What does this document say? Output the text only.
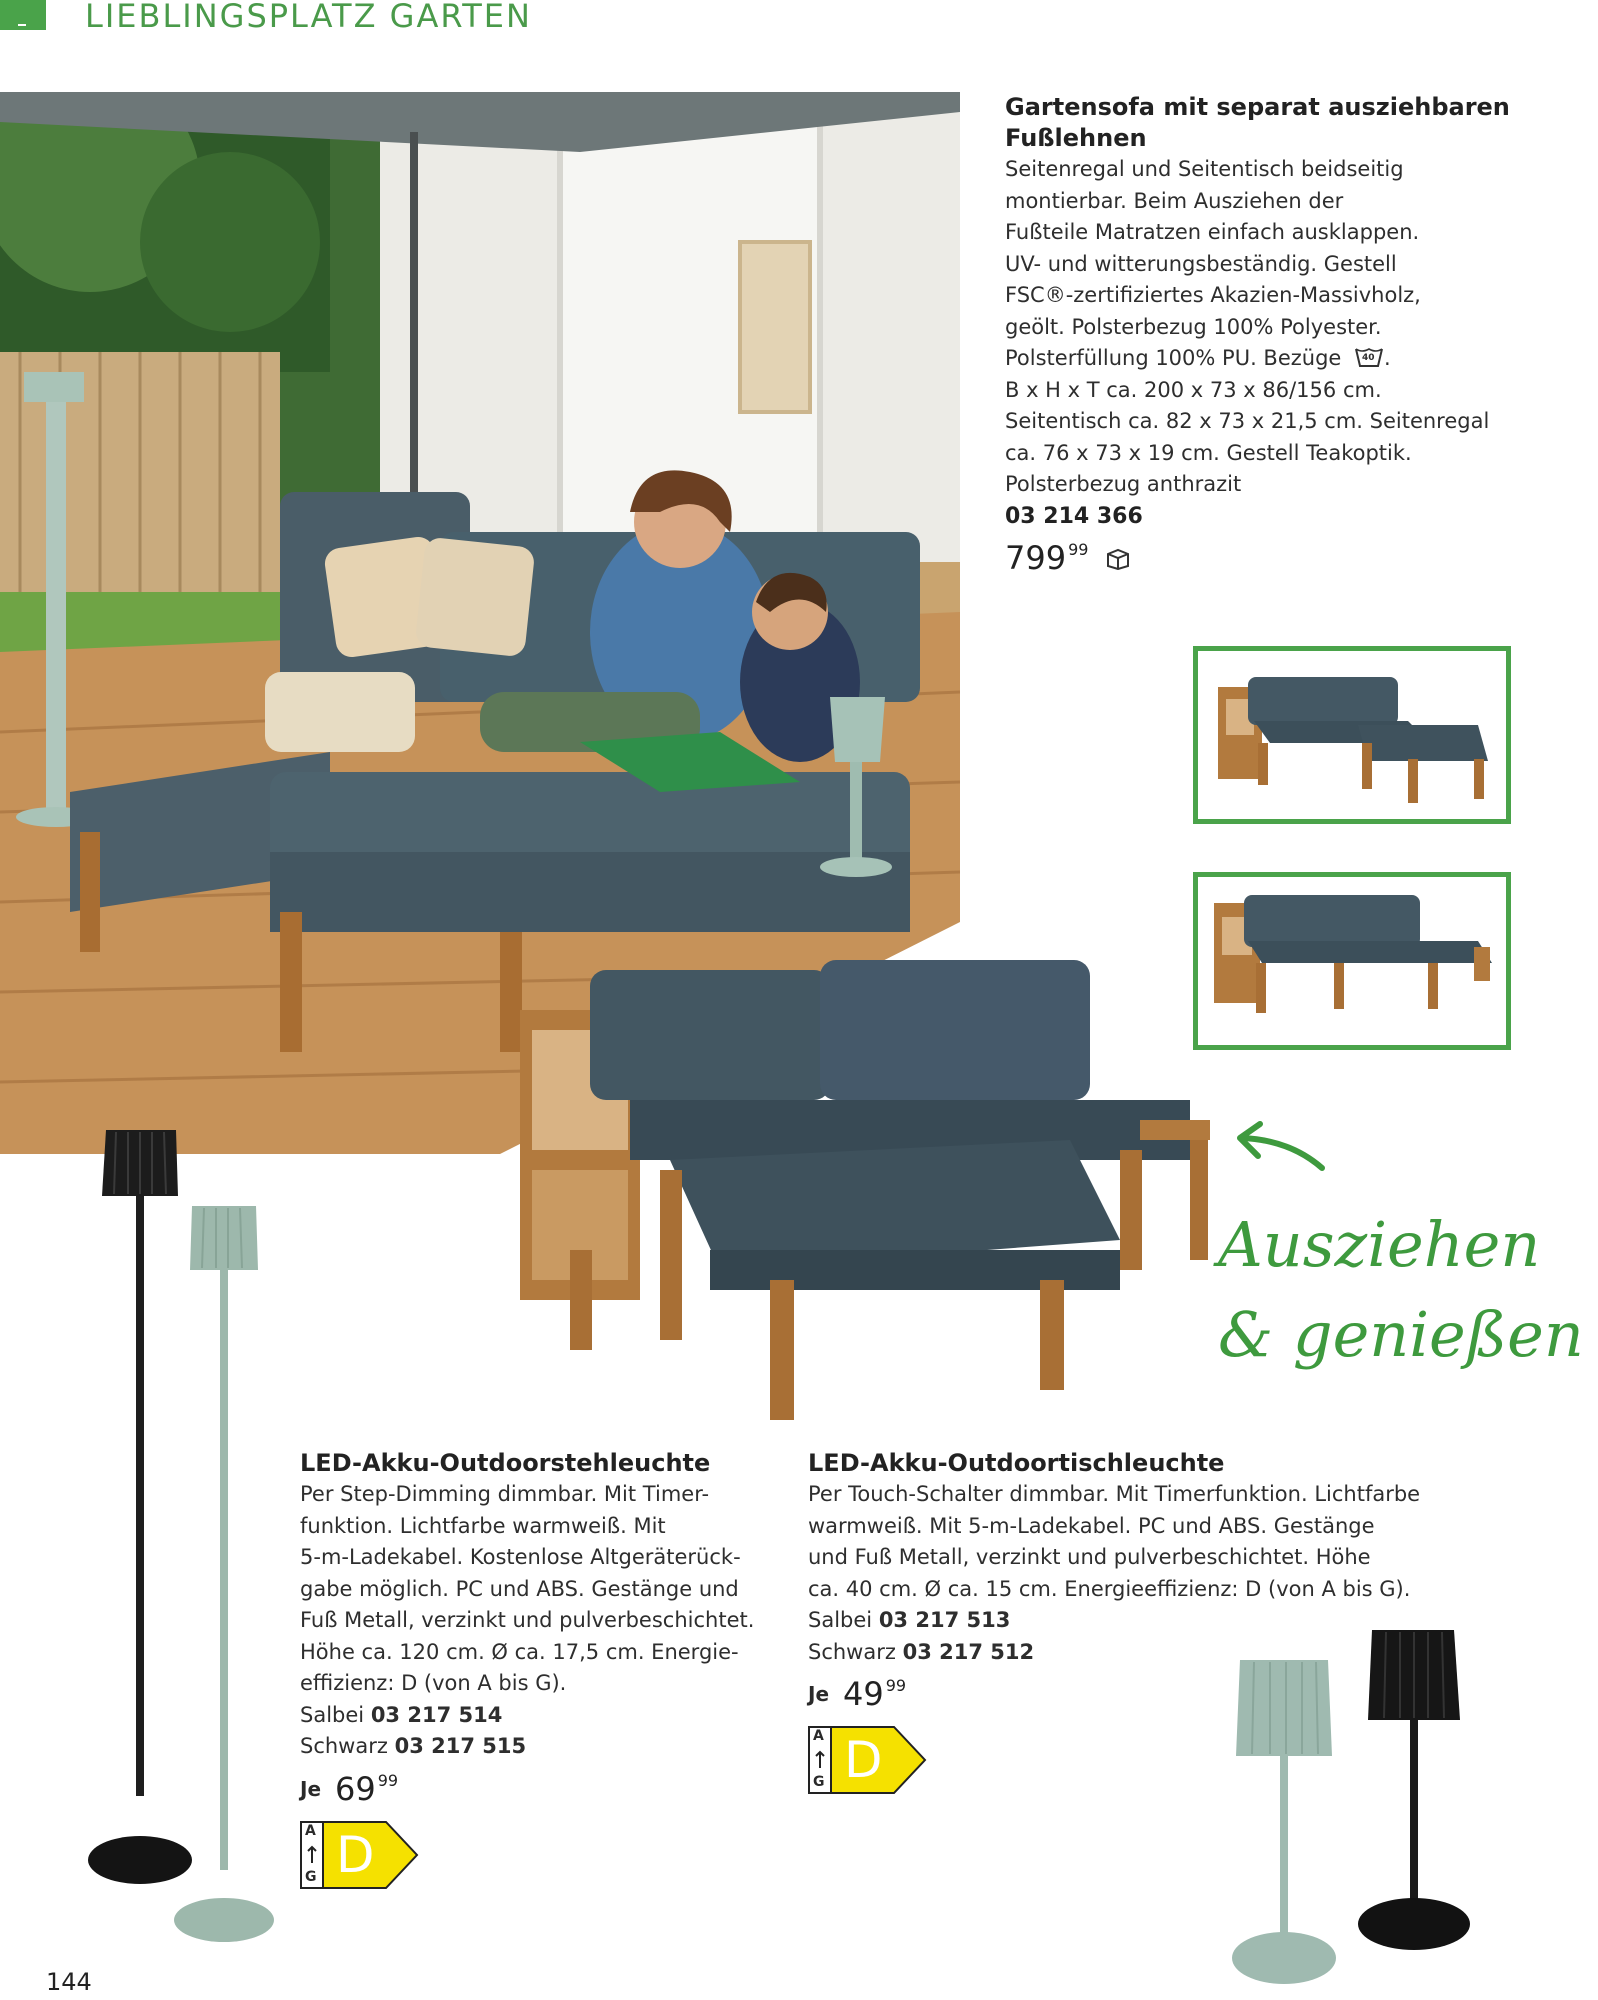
LIEBLINGSPLATZ GARTEN
Gartensofa mit separat ausziehbaren
Fußlehnen
Seitenregal und Seitentisch beidseitig
montierbar. Beim Ausziehen der
Fußteile Matratzen einfach ausklappen.
UV- und witterungsbeständig. Gestell
FSC®-zertifiziertes Akazien-Massivholz,
geölt. Polsterbezug 100% Polyester.
Polsterfüllung 100% PU. Bezüge 40 .
B x H x T ca. 200 x 73 x 86/156 cm.
Seitentisch ca. 82 x 73 x 21,5 cm. Seitenregal
ca. 76 x 73 x 19 cm. Gestell Teakoptik.
Polsterbezug anthrazit
03 214 366
799 99
Ausziehen
& genießen
LED-Akku-Outdoorstehleuchte
Per Step-Dimming dimmbar. Mit Timer-
funktion. Lichtfarbe warmweiß. Mit
5-m-Ladekabel. Kostenlose Altgeräterück-
gabe möglich. PC und ABS. Gestänge und
Fuß Metall, verzinkt und pulverbeschichtet.
Höhe ca. 120 cm. Ø ca. 17,5 cm. Energie-
effizienz: D (von A bis G).
Salbei 03 217 514
Schwarz 03 217 515
Je 69 99
A
G D
LED-Akku-Outdoortischleuchte
Per Touch-Schalter dimmbar. Mit Timerfunktion. Lichtfarbe
warmweiß. Mit 5-m-Ladekabel. PC und ABS. Gestänge
und Fuß Metall, verzinkt und pulverbeschichtet. Höhe
ca. 40 cm. Ø ca. 15 cm. Energieeffizienz: D (von A bis G).
Salbei 03 217 513
Schwarz 03 217 512
Je 49 99
A
G D
144
